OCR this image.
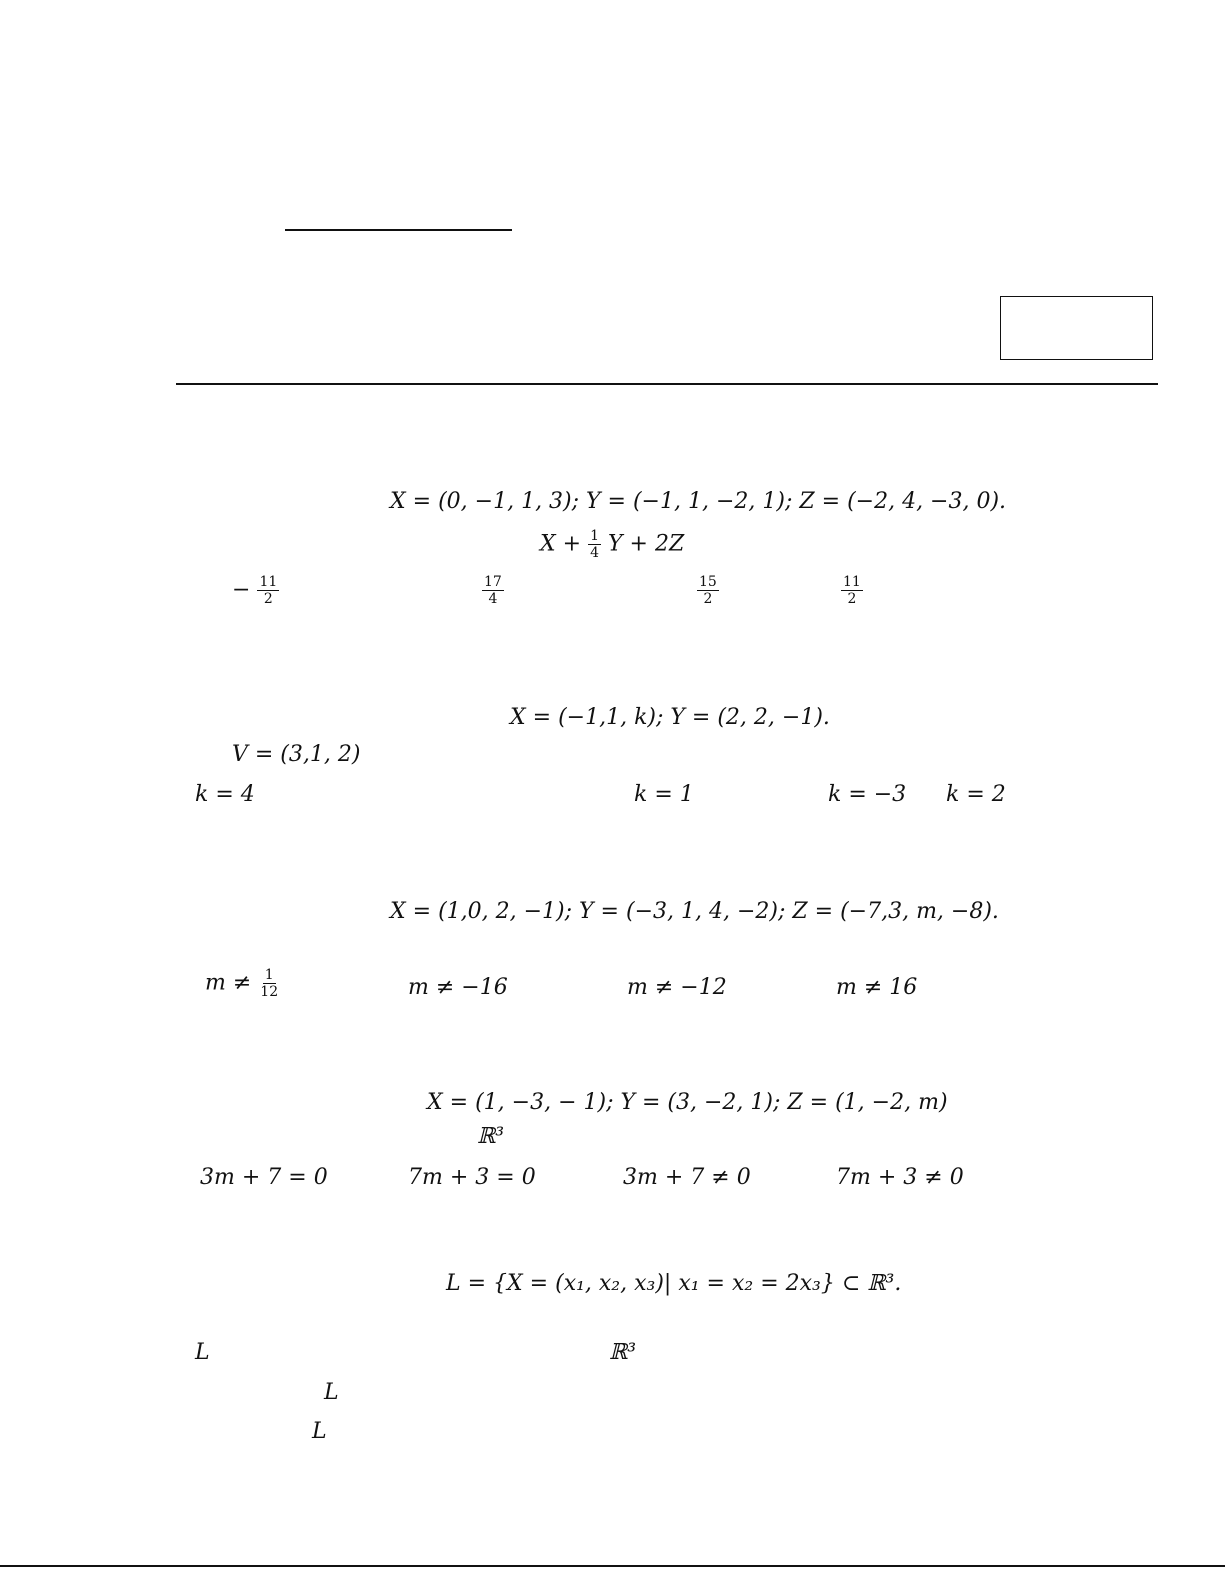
X = (0, −1, 1, 3); Y = (−1, 1, −2, 1); Z = (−2, 4, −3, 0).
$X + \frac{1}{4}$ Y + 2Z
− $\frac{11}{2}$	$\frac{17}{4}$	$\frac{15}{2}$	$\frac{11}{2}$
X = (−1,1, k); Y = (2, 2, −1).
V = (3,1, 2)
k = 4	k = 1	k = −3 k = 2
X = (1,0, 2, −1); Y = (−3, 1, 4, −2); Z = (−7,3, m, −8).
$m \ne \frac{1}{12}$	m ≠ −16	m ≠ −12	m ≠ 16
X = (1, −3, − 1); Y = (3, −2, 1); Z = (1, −2, m)
ℝ³
3m + 7 = 0	7m + 3 = 0	3m + 7 ≠ 0	7m + 3 ≠ 0
L = {X = (x₁, x₂, x₃)| x₁ = x₂ = 2x₃} ⊂ ℝ³.
L	ℝ³
L
L
